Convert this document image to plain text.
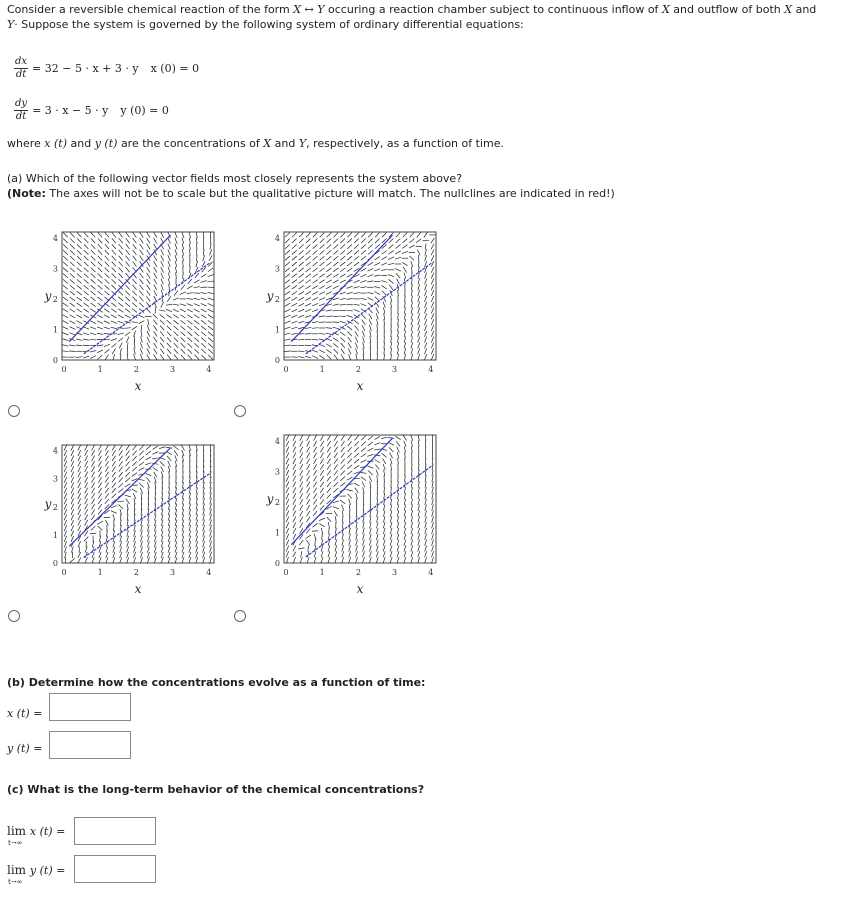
Consider a reversible chemical reaction of the form X ↔ Y occuring a reaction chamber subject to continuous inflow of X and outflow of both X and
Y· Suppose the system is governed by the following system of ordinary differential equations:
$\frac{dx}{dt} = 32 - 5 \cdot x + 3 \cdot y$ x (0) = 0
$\frac{dy}{dt} = 3 \cdot x - 5 \cdot y$ y (0) = 0
where x (t) and y (t) are the concentrations of X and Y, respectively, as a function of time.
(a) Which of the following vector fields most closely represents the system above?
(Note: The axes will not be to scale but the qualitative picture will match. The nullclines are indicated in red!)
0	1	2	3	4
0
1
2
3
4
x
y
0	1	2	3	4
0
1
2
3
4
x
y
0	1	2	3	4
0
1
2
3
4
x
y
0	1	2	3	4
0
1
2
3
4
x
y
(b) Determine how the concentrations evolve as a function of time:
x (t) =
y (t) =
(c) What is the long-term behavior of the chemical concentrations?
lim x (t) =
t→∞
lim y (t) =
t→∞
